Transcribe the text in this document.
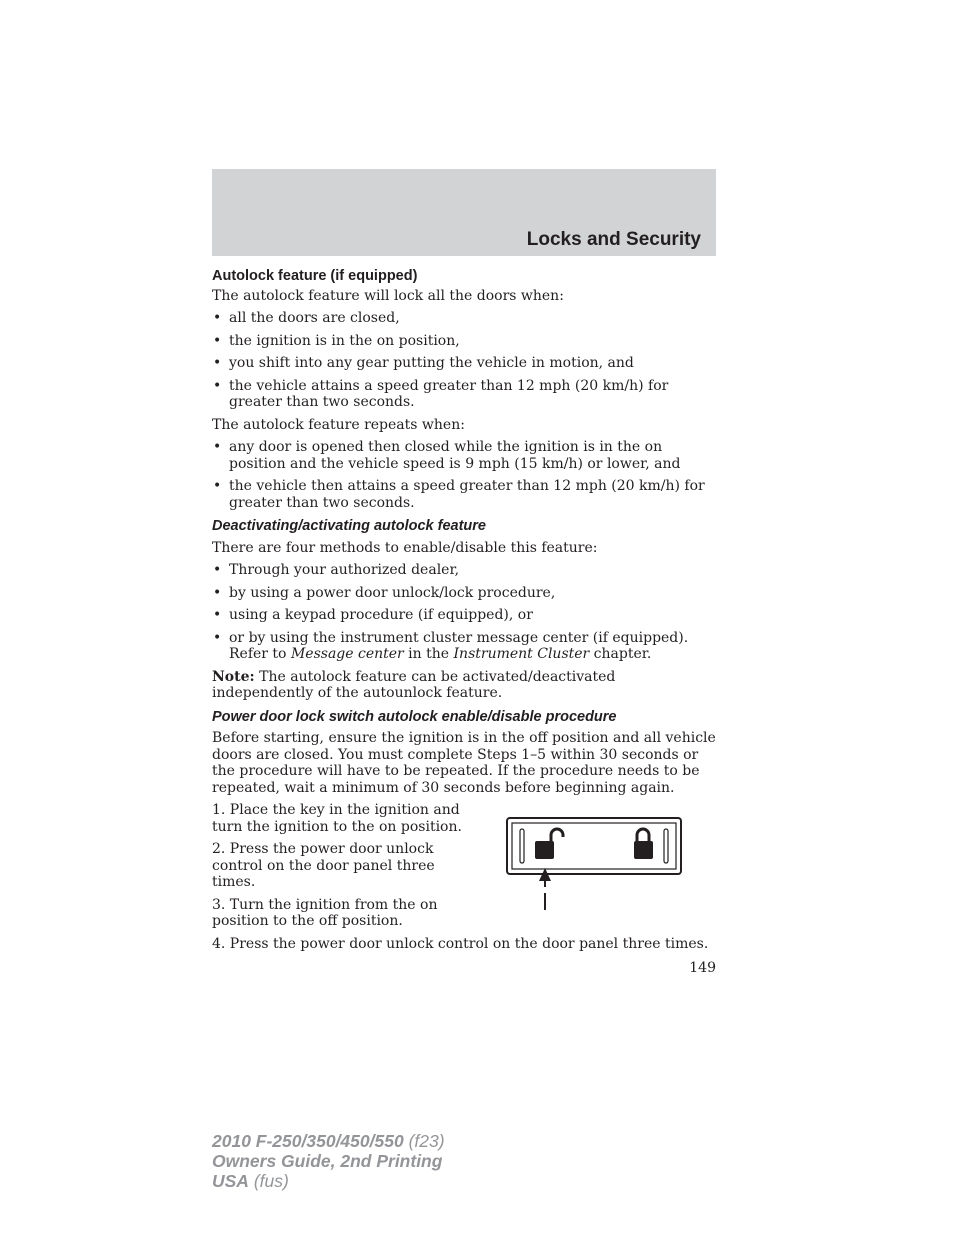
Locks and Security
Autolock feature (if equipped)

The autolock feature will lock all the doors when:

• all the doors are closed,
• the ignition is in the on position,
• you shift into any gear putting the vehicle in motion, and
• the vehicle attains a speed greater than 12 mph (20 km/h) for greater than two seconds.

The autolock feature repeats when:

• any door is opened then closed while the ignition is in the on position and the vehicle speed is 9 mph (15 km/h) or lower, and
• the vehicle then attains a speed greater than 12 mph (20 km/h) for greater than two seconds.
Deactivating/activating autolock feature

There are four methods to enable/disable this feature:

• Through your authorized dealer,
• by using a power door unlock/lock procedure,
• using a keypad procedure (if equipped), or
• or by using the instrument cluster message center (if equipped). Refer to Message center in the Instrument Cluster chapter.

Note: The autolock feature can be activated/deactivated independently of the autounlock feature.

Power door lock switch autolock enable/disable procedure

Before starting, ensure the ignition is in the off position and all vehicle doors are closed. You must complete Steps 1–5 within 30 seconds or the procedure will have to be repeated. If the procedure needs to be repeated, wait a minimum of 30 seconds before beginning again.

1. Place the key in the ignition and turn the ignition to the on position.

2. Press the power door unlock control on the door panel three times.

3. Turn the ignition from the on position to the off position.

4. Press the power door unlock control on the door panel three times.

149
2010 F-250/350/450/550 (f23)
Owners Guide, 2nd Printing
USA (fus)
